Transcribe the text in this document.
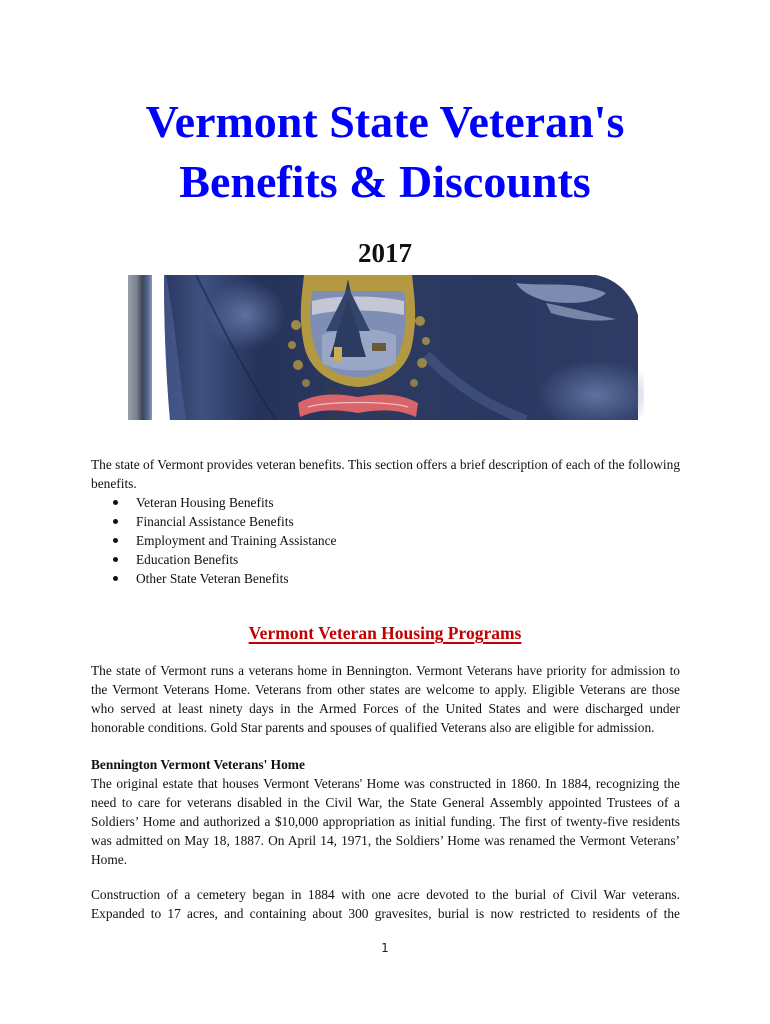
Vermont State Veteran's
Benefits & Discounts
2017

The state of Vermont provides veteran benefits. This section offers a brief description of each of the following benefits.

Veteran Housing Benefits
Financial Assistance Benefits
Employment and Training Assistance
Education Benefits
Other State Veteran Benefits
Vermont Veteran Housing Programs

The state of Vermont runs a veterans home in Bennington. Vermont Veterans have priority for admission to the Vermont Veterans Home. Veterans from other states are welcome to apply. Eligible Veterans are those who served at least ninety days in the Armed Forces of the United States and were discharged under honorable conditions. Gold Star parents and spouses of qualified Veterans also are eligible for admission.

Bennington Vermont Veterans' Home

The original estate that houses Vermont Veterans' Home was constructed in 1860. In 1884, recognizing the need to care for veterans disabled in the Civil War, the State General Assembly appointed Trustees of a Soldiers’ Home and authorized a $10,000 appropriation as initial funding. The first of twenty-five residents was admitted on May 18, 1887. On April 14, 1971, the Soldiers’ Home was renamed the Vermont Veterans’ Home.

Construction of a cemetery began in 1884 with one acre devoted to the burial of Civil War veterans. Expanded to 17 acres, and containing about 300 gravesites, burial is now restricted to residents of the

1
